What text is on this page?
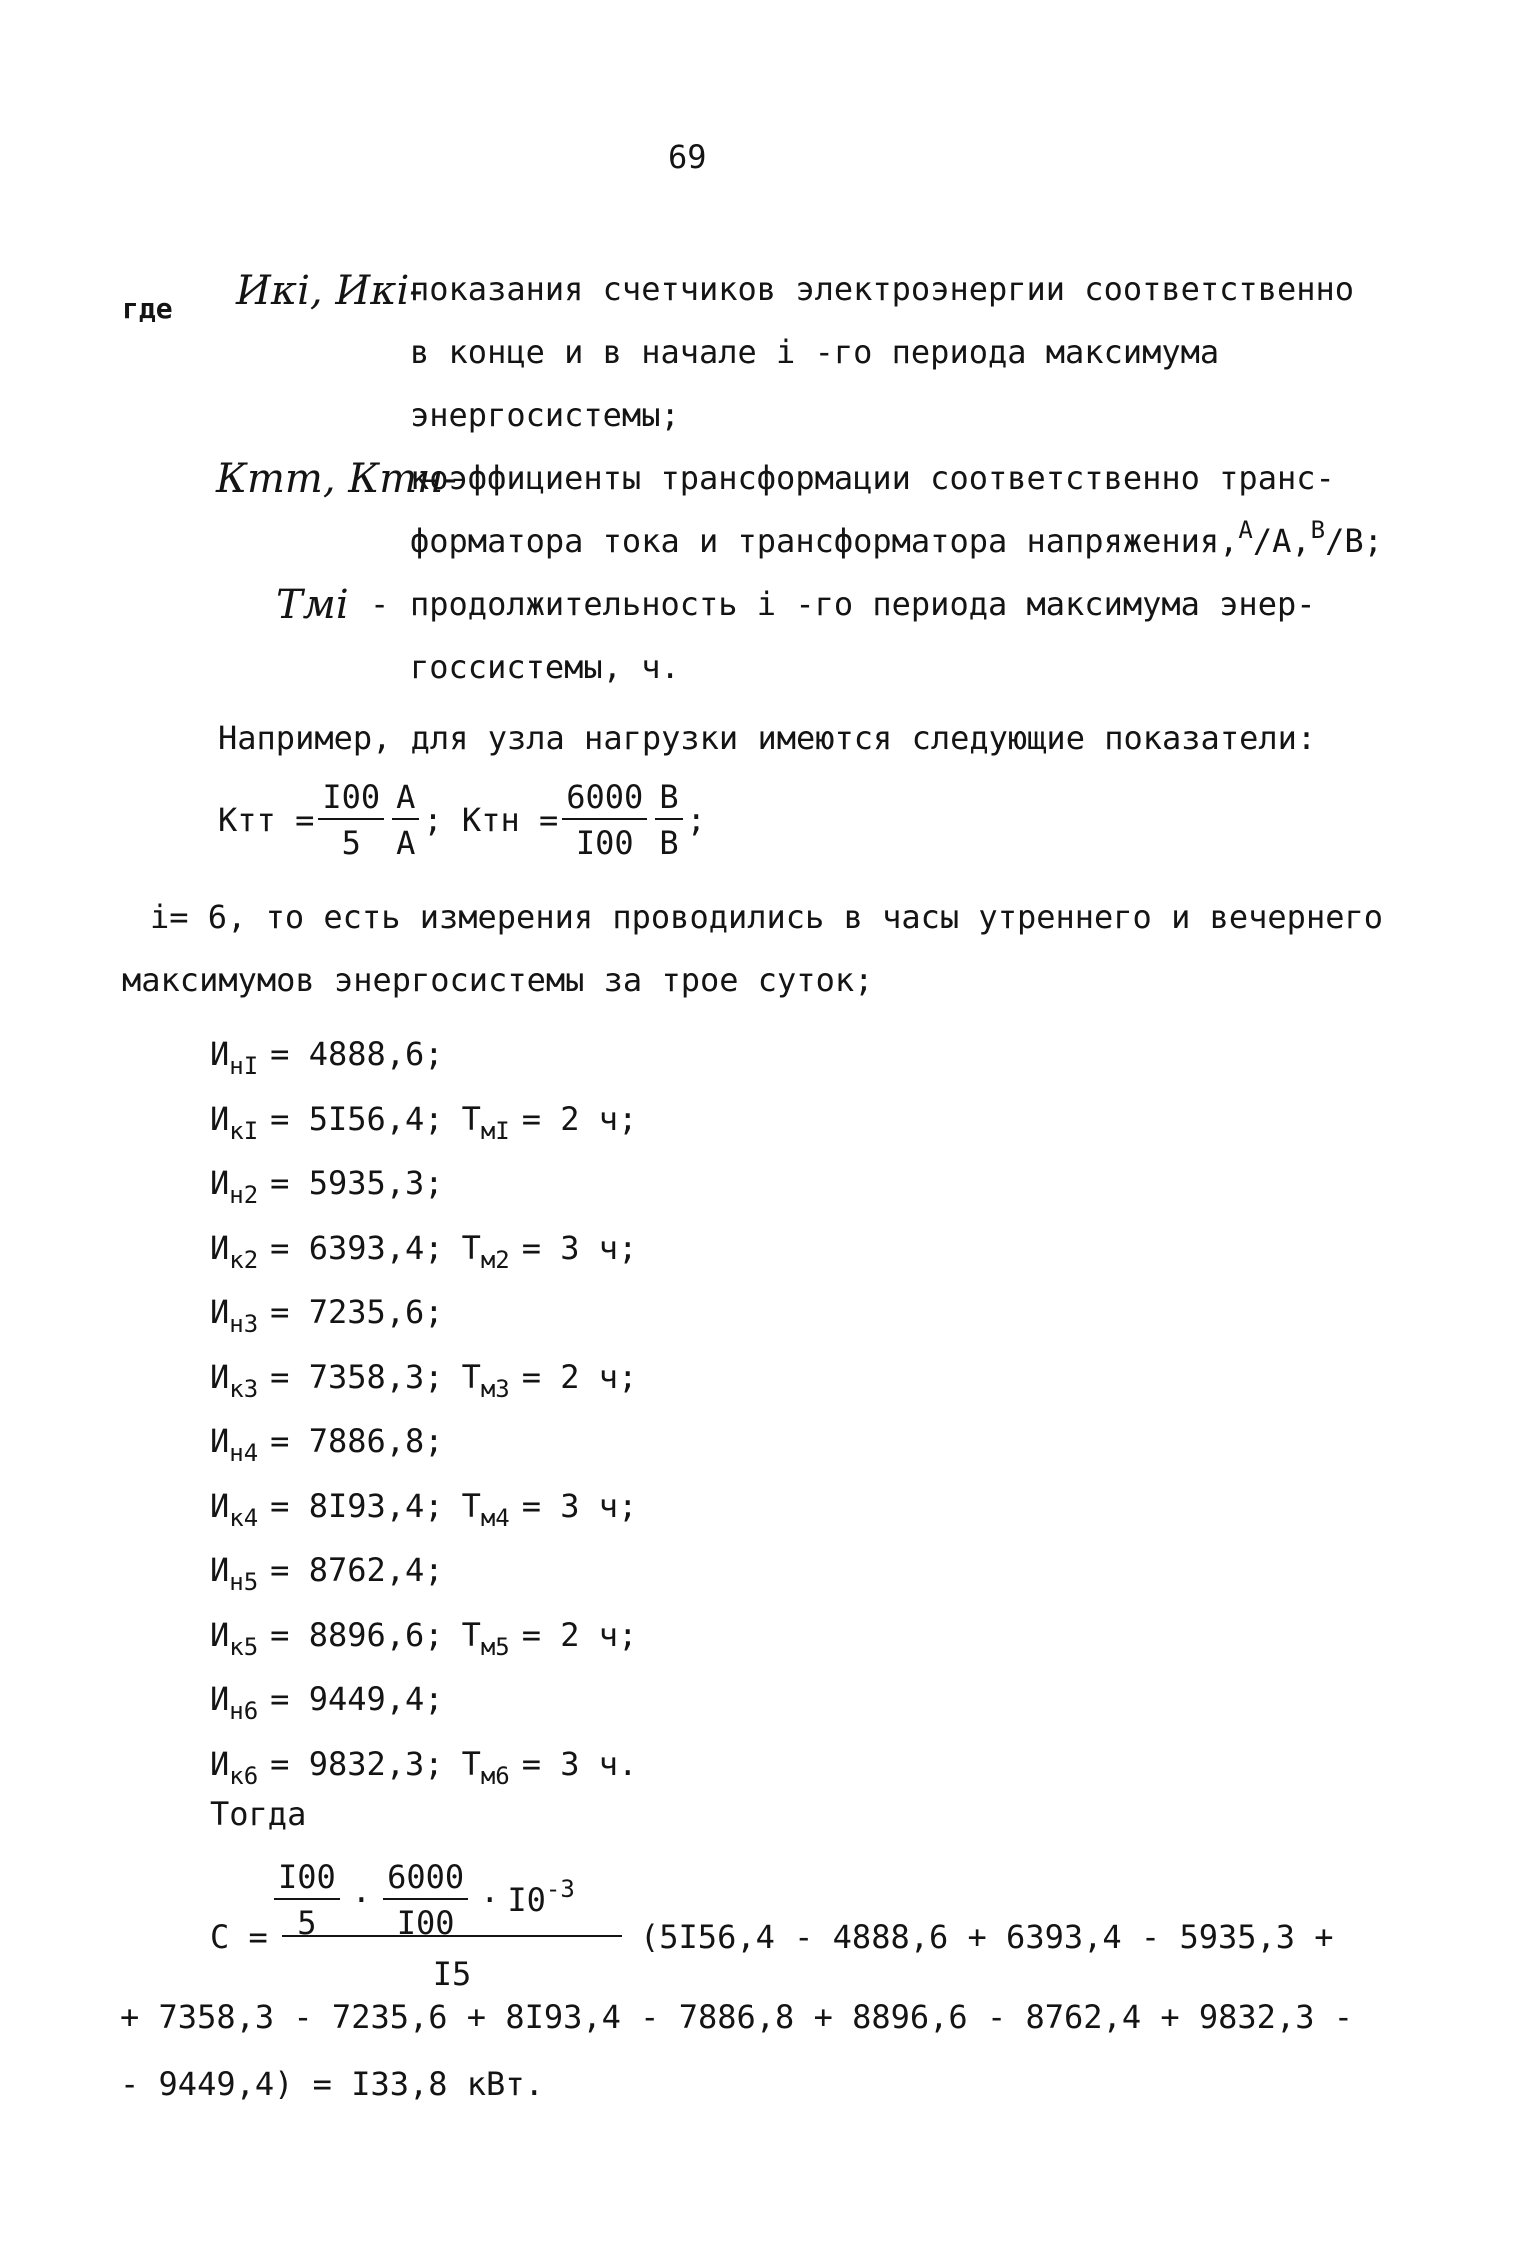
69
где Иκi, Иκi-
показания счетчиков электроэнергии соответственно
в конце и в начале i -го периода максимума
энергосистемы;
Ктт, Ктн-
коэффициенты трансформации соответственно транс-
форматора тока и трансформатора напряжения,$^А$/А,$^В$/В;
Тмi - продолжительность i -го периода максимума энер-
госсистемы, ч.
Например, для узла нагрузки имеются следующие показатели:
Ктт = $\frac{I00}{5} \frac{А}{А}$ ; Ктн = $\frac{6000}{I00} \frac{В}{В}$ ;
i= 6, то есть измерения проводились в часы утреннего и вечернего
максимумов энергосистемы за трое суток;
$И_{нI} = 4888,6$;
$И_{кI} = 5I56,4$; $Т_{мI} = 2$ ч;
$И_{н2} = 5935,3$;
$И_{к2} = 6393,4$; $Т_{м2} = 3$ ч;
$И_{н3} = 7235,6$;
$И_{к3} = 7358,3$; $Т_{м3} = 2$ ч;
$И_{н4} = 7886,8$;
$И_{к4} = 8I93,4$; $Т_{м4} = 3$ ч;
$И_{н5} = 8762,4$;
$И_{к5} = 8896,6$; $Т_{м5} = 2$ ч;
$И_{н6} = 9449,4$;
$И_{к6} = 9832,3$; $Т_{м6} = 3$ ч.
Тогда
$\frac{I00}{5} \cdot \frac{6000}{I00} \cdot I0^{-3}$
I5
С =	(5I56,4 - 4888,6 + 6393,4 - 5935,3 +
+ 7358,3 - 7235,6 + 8I93,4 - 7886,8 + 8896,6 - 8762,4 + 9832,3 -
- 9449,4) = I33,8 кВт.
